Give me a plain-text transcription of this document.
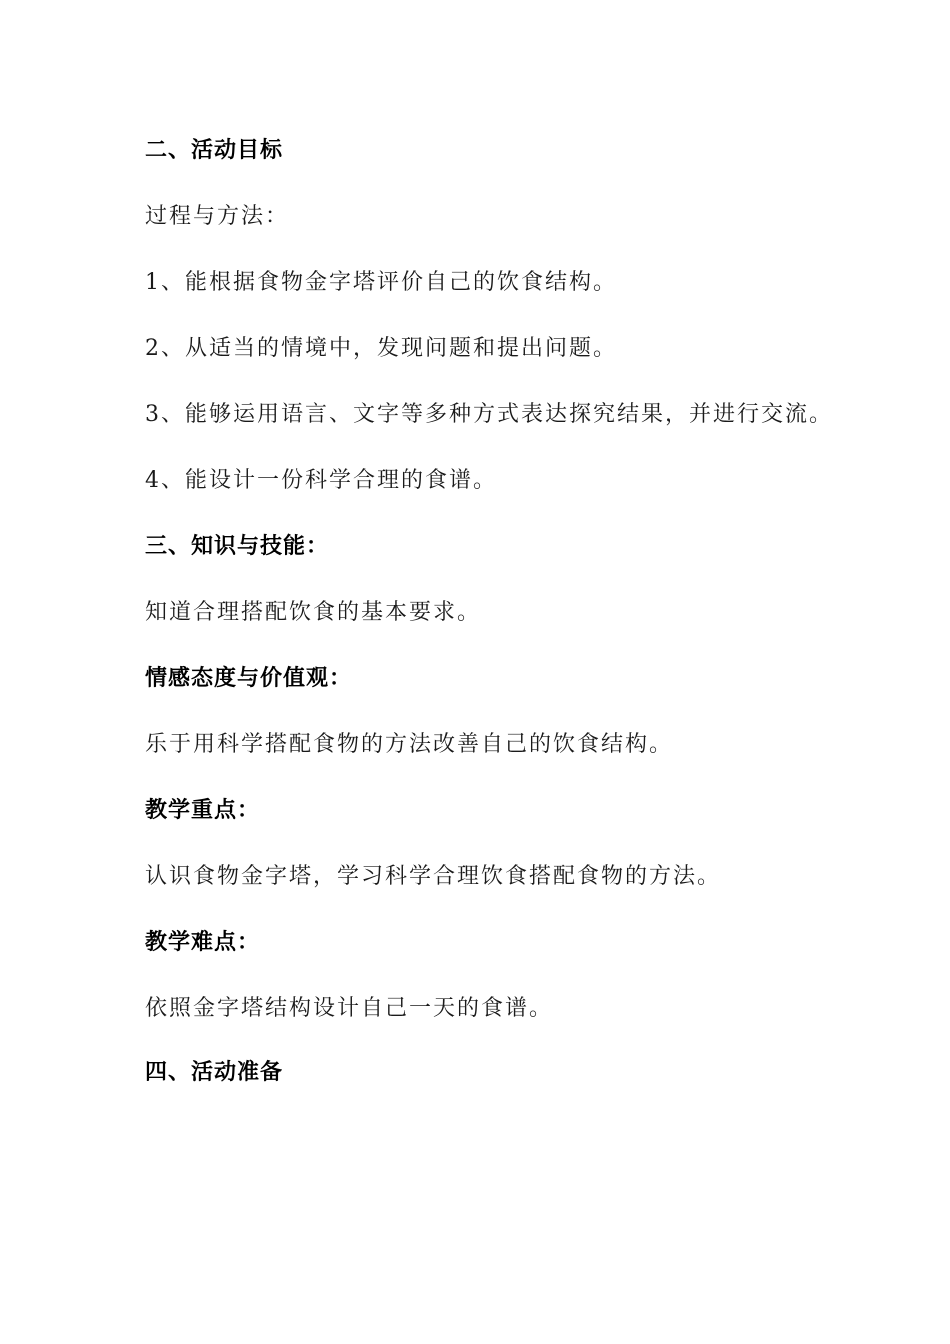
二、活动目标
过程与方法：
1、能根据食物金字塔评价自己的饮食结构。
2、从适当的情境中，发现问题和提出问题。
3、能够运用语言、文字等多种方式表达探究结果，并进行交流。
4、能设计一份科学合理的食谱。
三、知识与技能：
知道合理搭配饮食的基本要求。
情感态度与价值观：
乐于用科学搭配食物的方法改善自己的饮食结构。
教学重点：
认识食物金字塔，学习科学合理饮食搭配食物的方法。
教学难点：
依照金字塔结构设计自己一天的食谱。
四、活动准备
